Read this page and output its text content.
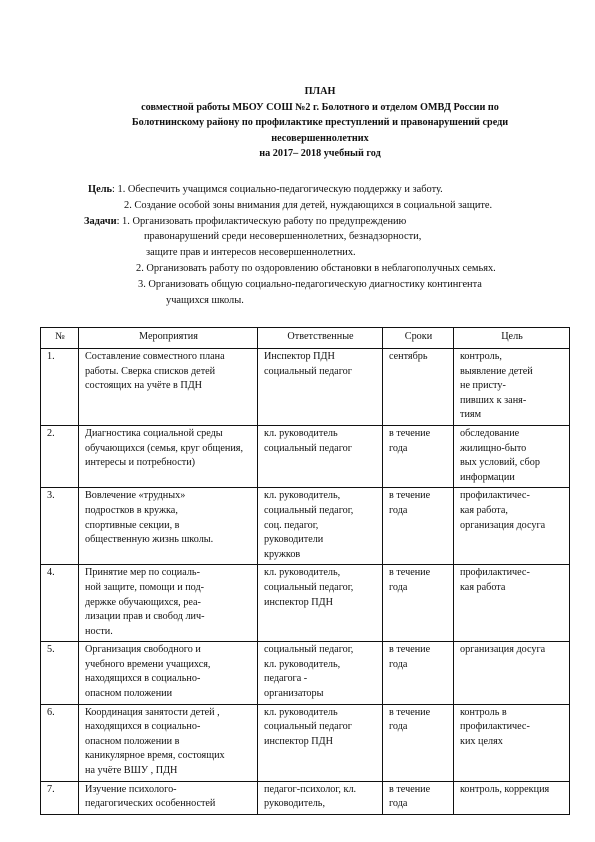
ПЛАН
совместной работы МБОУ СОШ №2 г. Болотного и отделом ОМВД России по
Болотнинскому району по профилактике преступлений и правонарушений среди
несовершеннолетних
на 2017– 2018 учебный год
Цель: 1. Обеспечить учащимся социально-педагогическую поддержку и заботу.
2. Создание особой зоны внимания для детей, нуждающихся в социальной защите.
Задачи: 1. Организовать профилактическую работу по предупреждению
правонарушений среди несовершеннолетних, безнадзорности,
защите прав и интересов несовершеннолетних.
2. Организовать работу по оздоровлению обстановки в неблагополучных семьях.
3. Организовать общую социально-педагогическую диагностику контингента
учащихся школы.
№	Мероприятия	Ответственные	Сроки	Цель
1.	Составление совместного плана работы. Сверка списков детей состоящих на учёте в ПДН	Инспектор ПДН
социальный педагог	сентябрь	контроль,
выявление детей
не присту-
пивших к заня-
тиям

2.	Диагностика социальной среды обучающихся (семья, круг общения, интересы и потребности)	кл. руководитель
социальный педагог	в течение
года	обследование
жилищно-быто
вых условий, сбор
информации

3.	Вовлечение «трудных»
подростков в кружка,
спортивные секции, в
общественную жизнь школы.	кл. руководитель,
социальный педагог,
соц. педагог,
руководители
кружков	в течение
года	профилактичес-
кая работа,
организация досуга

4.	Принятие мер по социаль-
ной защите, помощи и под-
держке обучающихся, реа-
лизации прав и свобод лич-
ности.	кл. руководитель,
социальный педагог,
инспектор ПДН	в течение
года	профилактичес-
кая работа

5.	Организация свободного и
учебного времени учащихся,
находящихся в социально-
опасном положении	социальный педагог,
кл. руководитель,
педагога -
организаторы	в течение
года	организация досуга

6.	Координация занятости детей ,
находящихся в социально-
опасном положении в
каникулярное время, состоящих
на учёте ВШУ , ПДН	кл. руководитель
социальный педагог
инспектор ПДН	в течение
года	контроль в
профилактичес-
ких целях

7.	Изучение психолого-
педагогических особенностей	педагог-психолог, кл.
руководитель,	в течение
года	контроль, коррекция
